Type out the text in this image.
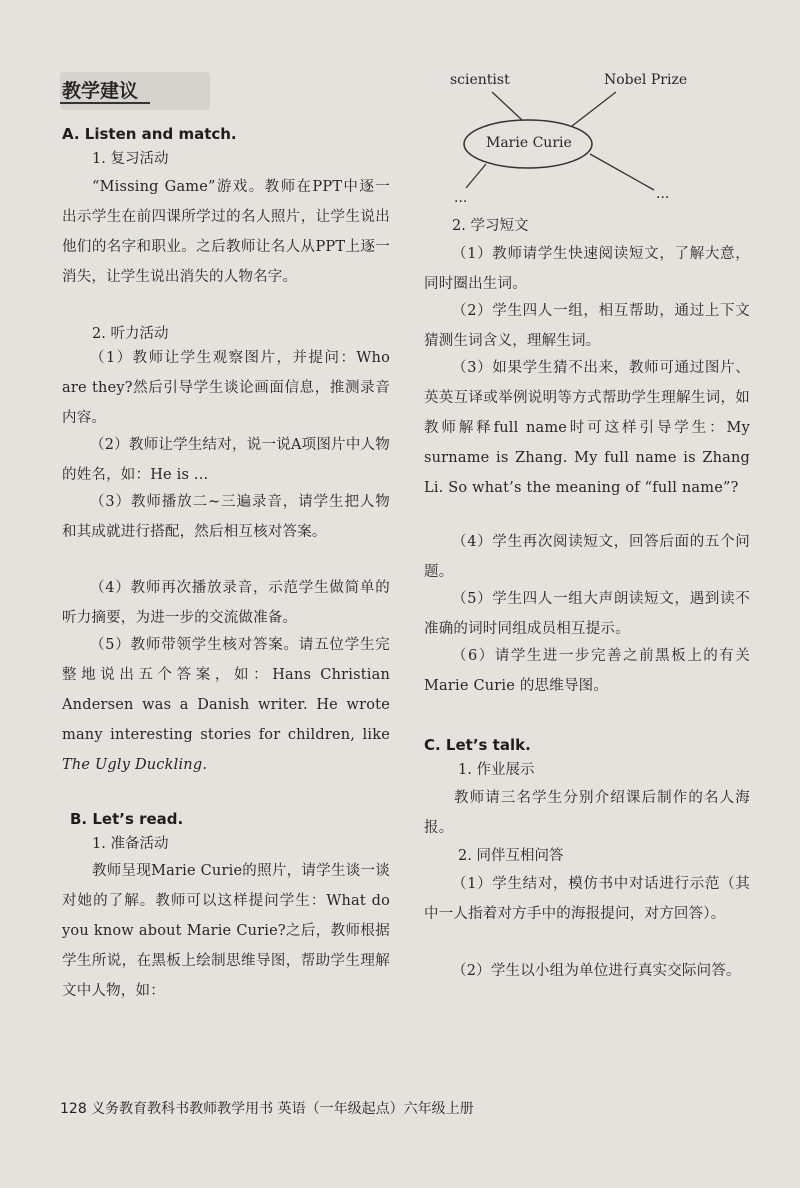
教学建议
A. Listen and match.
1. 复习活动
“Missing Game”游戏。教师在PPT中逐一出示学生在前四课所学过的名人照片，让学生说出他们的名字和职业。之后教师让名人从PPT上逐一消失，让学生说出消失的人物名字。
2. 听力活动
（1）教师让学生观察图片，并提问：Who are they?然后引导学生谈论画面信息，推测录音内容。
（2）教师让学生结对，说一说A项图片中人物的姓名，如：He is ...
（3）教师播放二~三遍录音，请学生把人物和其成就进行搭配，然后相互核对答案。
（4）教师再次播放录音，示范学生做简单的听力摘要，为进一步的交流做准备。
（5）教师带领学生核对答案。请五位学生完整地说出五个答案，如：Hans Christian Andersen was a Danish writer. He wrote many interesting stories for children, like The Ugly Duckling.
B. Let’s read.
1. 准备活动
教师呈现Marie Curie的照片，请学生谈一谈对她的了解。教师可以这样提问学生：What do you know about Marie Curie?之后，教师根据学生所说，在黑板上绘制思维导图，帮助学生理解文中人物，如：
scientist	Nobel Prize
Marie Curie
...	...
2. 学习短文
（1）教师请学生快速阅读短文，了解大意，同时圈出生词。
（2）学生四人一组，相互帮助，通过上下文猜测生词含义，理解生词。
（3）如果学生猜不出来，教师可通过图片、英英互译或举例说明等方式帮助学生理解生词，如教师解释full name时可这样引导学生：My surname is Zhang. My full name is Zhang Li. So what’s the meaning of “full name”?
（4）学生再次阅读短文，回答后面的五个问题。
（5）学生四人一组大声朗读短文，遇到读不准确的词时同组成员相互提示。
（6）请学生进一步完善之前黑板上的有关Marie Curie 的思维导图。
C. Let’s talk.
1. 作业展示
教师请三名学生分别介绍课后制作的名人海报。
2. 同伴互相问答
（1）学生结对，模仿书中对话进行示范（其中一人指着对方手中的海报提问，对方回答）。
（2）学生以小组为单位进行真实交际问答。
128 义务教育教科书教师教学用书 英语（一年级起点）六年级上册
